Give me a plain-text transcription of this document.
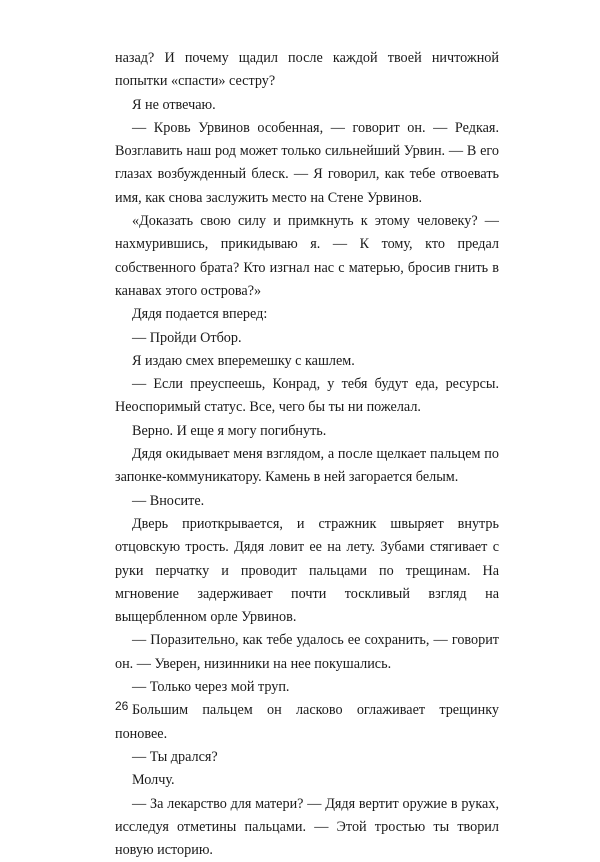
назад? И почему щадил после каждой твоей ничтожной попытки «спасти» сестру?

Я не отвечаю.

— Кровь Урвинов особенная, — говорит он. — Редкая. Возглавить наш род может только сильнейший Урвин. — В его глазах возбужденный блеск. — Я говорил, как тебе отвоевать имя, как снова заслужить место на Стене Урвинов.

«Доказать свою силу и примкнуть к этому человеку? — нахмурившись, прикидываю я. — К тому, кто предал собственного брата? Кто изгнал нас с матерью, бросив гнить в канавах этого острова?»

Дядя подается вперед:

— Пройди Отбор.

Я издаю смех вперемешку с кашлем.

— Если преуспеешь, Конрад, у тебя будут еда, ресурсы. Неоспоримый статус. Все, чего бы ты ни пожелал.

Верно. И еще я могу погибнуть.

Дядя окидывает меня взглядом, а после щелкает пальцем по запонке-коммуникатору. Камень в ней загорается белым.

— Вносите.

Дверь приоткрывается, и стражник швыряет внутрь отцовскую трость. Дядя ловит ее на лету. Зубами стягивает с руки перчатку и проводит пальцами по трещинам. На мгновение задерживает почти тоскливый взгляд на выщербленном орле Урвинов.

— Поразительно, как тебе удалось ее сохранить, — говорит он. — Уверен, низинники на нее покушались.

— Только через мой труп.

Большим пальцем он ласково оглаживает трещинку поновее.

— Ты дрался?

Молчу.

— За лекарство для матери? — Дядя вертит оружие в руках, исследуя отметины пальцами. — Этой тростью ты творил новую историю.

26
